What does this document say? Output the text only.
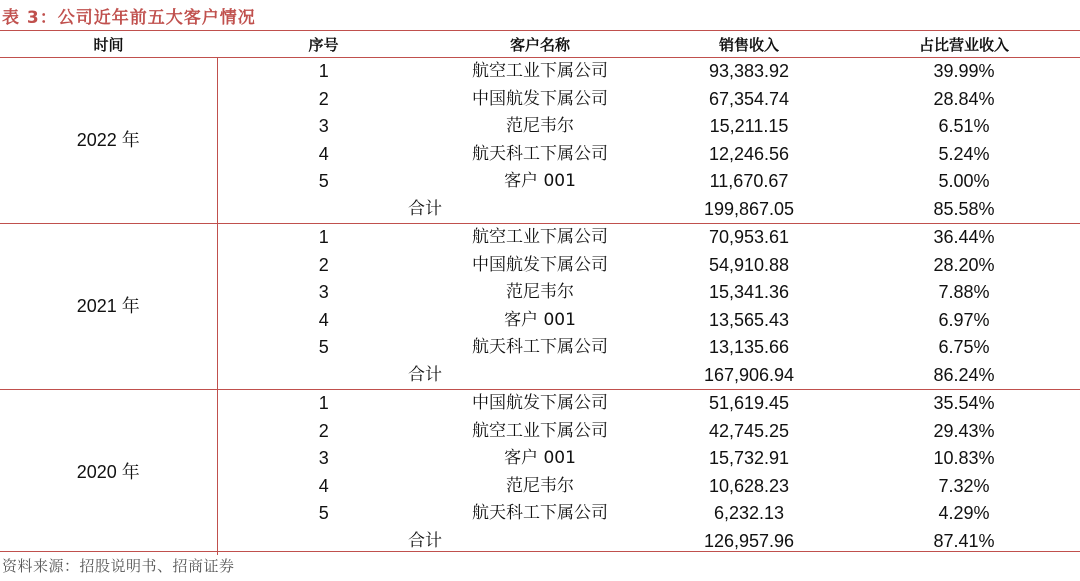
表 3：公司近年前五大客户情况
时间	序号	客户名称	销售收入	占比营业收入
2022 年	1	航空工业下属公司	93,383.92	39.99%
	2	中国航发下属公司	67,354.74	28.84%
	3	范尼韦尔	15,211.15	6.51%
	4	航天科工下属公司	12,246.56	5.24%
	5	客户 001	11,670.67	5.00%
		合计	199,867.05	85.58%
2021 年	1	航空工业下属公司	70,953.61	36.44%
	2	中国航发下属公司	54,910.88	28.20%
	3	范尼韦尔	15,341.36	7.88%
	4	客户 001	13,565.43	6.97%
	5	航天科工下属公司	13,135.66	6.75%
		合计	167,906.94	86.24%
2020 年	1	中国航发下属公司	51,619.45	35.54%
	2	航空工业下属公司	42,745.25	29.43%
	3	客户 001	15,732.91	10.83%
	4	范尼韦尔	10,628.23	7.32%
	5	航天科工下属公司	6,232.13	4.29%
		合计	126,957.96	87.41%
资料来源：招股说明书、招商证券
